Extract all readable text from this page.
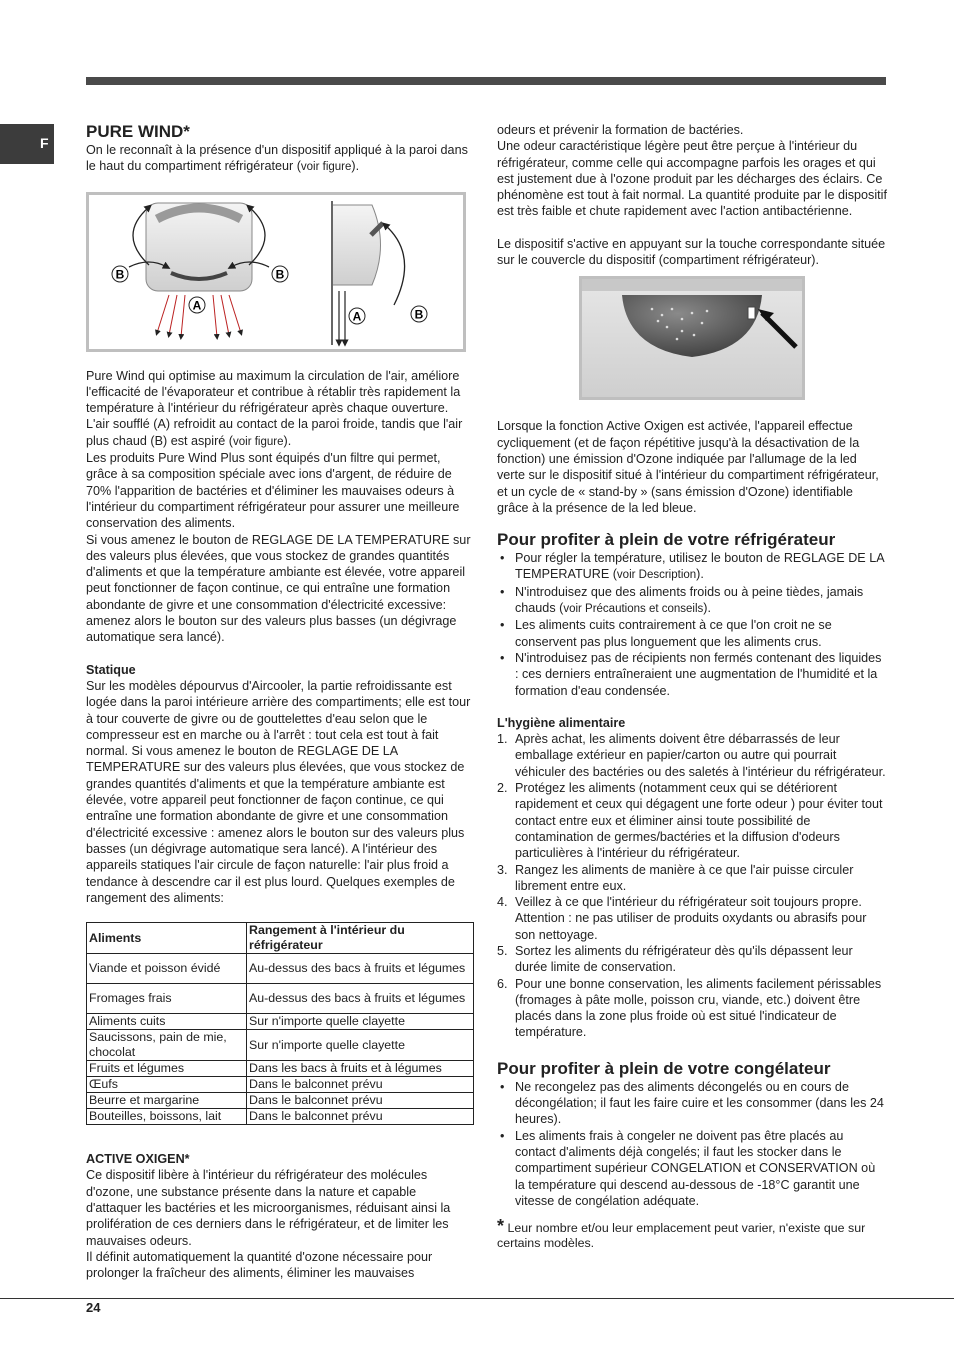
F
PURE WIND*

On le reconnaît à la présence d'un dispositif appliqué à la paroi dans le haut du compartiment réfrigérateur (voir figure).

B	B
A
A	B

Pure Wind qui optimise au maximum la circulation de l'air, améliore l'efficacité de l'évaporateur et contribue à rétablir très rapidement la température à l'intérieur du réfrigérateur après chaque ouverture. L'air soufflé (A) refroidit au contact de la paroi froide, tandis que l'air plus chaud (B) est aspiré (voir figure).

Les produits Pure Wind Plus sont équipés d'un filtre qui permet, grâce à sa composition spéciale avec ions d'argent, de réduire de 70% l'apparition de bactéries et d'éliminer les mauvaises odeurs à l'intérieur du compartiment réfrigérateur pour assurer une meilleure conservation des aliments.

Si vous amenez le bouton de REGLAGE DE LA TEMPERATURE sur des valeurs plus élevées, que vous stockez de grandes quantités d'aliments et que la température ambiante est élevée, votre appareil peut fonctionner de façon continue, ce qui entraîne une formation abondante de givre et une consommation d'électricité excessive: amenez alors le bouton sur des valeurs plus basses (un dégivrage automatique sera lancé).

Statique

Sur les modèles dépourvus d'Aircooler, la partie refroidissante est logée dans la paroi intérieure arrière des compartiments; elle est tour à tour couverte de givre ou de gouttelettes d'eau selon que le compresseur est en marche ou à l'arrêt : tout cela est tout à fait normal. Si vous amenez le bouton de REGLAGE DE LA TEMPERATURE sur des valeurs plus élevées, que vous stockez de grandes quantités d'aliments et que la température ambiante est élevée, votre appareil peut fonctionner de façon continue, ce qui entraîne une formation abondante de givre et une consommation d'électricité excessive : amenez alors le bouton sur des valeurs plus basses (un dégivrage automatique sera lancé). A l'intérieur des appareils statiques l'air circule de façon naturelle: l'air plus froid a tendance à descendre car il est plus lourd. Quelques exemples de rangement des aliments:

Aliments	Rangement à l'intérieur du réfrigérateur
Viande et poisson évidé	Au-dessus des bacs à fruits et légumes
Fromages frais	Au-dessus des bacs à fruits et légumes
Aliments cuits	Sur n'importe quelle clayette
Saucissons, pain de mie, chocolat	Sur n'importe quelle clayette
Fruits et légumes	Dans les bacs à fruits et à légumes
Œufs	Dans le balconnet prévu
Beurre et margarine	Dans le balconnet prévu
Bouteilles, boissons, lait	Dans le balconnet prévu
ACTIVE OXIGEN*

Ce dispositif libère à l'intérieur du réfrigérateur des molécules d'ozone, une substance présente dans la nature et capable d'attaquer les bactéries et les microorganismes, réduisant ainsi la prolifération de ces derniers dans le réfrigérateur, et de limiter les mauvaises odeurs.

Il définit automatiquement la quantité d'ozone nécessaire pour prolonger la fraîcheur des aliments, éliminer les mauvaises

odeurs et prévenir la formation de bactéries.

Une odeur caractéristique légère peut être perçue à l'intérieur du réfrigérateur, comme celle qui accompagne parfois les orages et qui est justement due à l'ozone produit par les décharges des éclairs. Ce phénomène est tout à fait normal. La quantité produite par le dispositif est très faible et chute rapidement avec l'action antibactérienne.

Le dispositif s'active en appuyant sur la touche correspondante située sur le couvercle du dispositif (compartiment réfrigérateur).

Lorsque la fonction Active Oxigen est activée, l'appareil effectue cycliquement (et de façon répétitive jusqu'à la désactivation de la fonction) une émission d'Ozone indiquée par l'allumage de la led verte sur le dispositif situé à l'intérieur du compartiment réfrigérateur, et un cycle de « stand-by » (sans émission d'Ozone) identifiable grâce à la présence de la led bleue.

Pour profiter à plein de votre réfrigérateur
• Pour régler la température, utilisez le bouton de REGLAGE DE LA TEMPERATURE (voir Description).
• N'introduisez que des aliments froids ou à peine tièdes, jamais chauds (voir Précautions et conseils).
• Les aliments cuits contrairement à ce que l'on croit ne se conservent pas plus longuement que les aliments crus.
• N'introduisez pas de récipients non fermés contenant des liquides : ces derniers entraîneraient une augmentation de l'humidité et la formation d'eau condensée.
L'hygiène alimentaire
1. Après achat, les aliments doivent être débarrassés de leur emballage extérieur en papier/carton ou autre qui pourrait véhiculer des bactéries ou des saletés à l'intérieur du réfrigérateur.
2. Protégez les aliments (notamment ceux qui se détériorent rapidement et ceux qui dégagent une forte odeur ) pour éviter tout contact entre eux et éliminer ainsi toute possibilité de contamination de germes/bactéries et la diffusion d'odeurs particulières à l'intérieur du réfrigérateur.
3. Rangez les aliments de manière à ce que l'air puisse circuler librement entre eux.
4. Veillez à ce que l'intérieur du réfrigérateur soit toujours propre. Attention : ne pas utiliser de produits oxydants ou abrasifs pour son nettoyage.
5. Sortez les aliments du réfrigérateur dès qu'ils dépassent leur durée limite de conservation.
6. Pour une bonne conservation, les aliments facilement périssables (fromages à pâte molle, poisson cru, viande, etc.) doivent être placés dans la zone plus froide où est situé l'indicateur de température.
Pour profiter à plein de votre congélateur
• Ne recongelez pas des aliments décongelés ou en cours de décongélation; il faut les faire cuire et les consommer (dans les 24 heures).
• Les aliments frais à congeler ne doivent pas être placés au contact d'aliments déjà congelés; il faut les stocker dans le compartiment supérieur CONGELATION et CONSERVATION où la température qui descend au-dessous de -18°C garantit une vitesse de congélation adéquate.

* Leur nombre et/ou leur emplacement peut varier, n'existe que sur certains modèles.

24
